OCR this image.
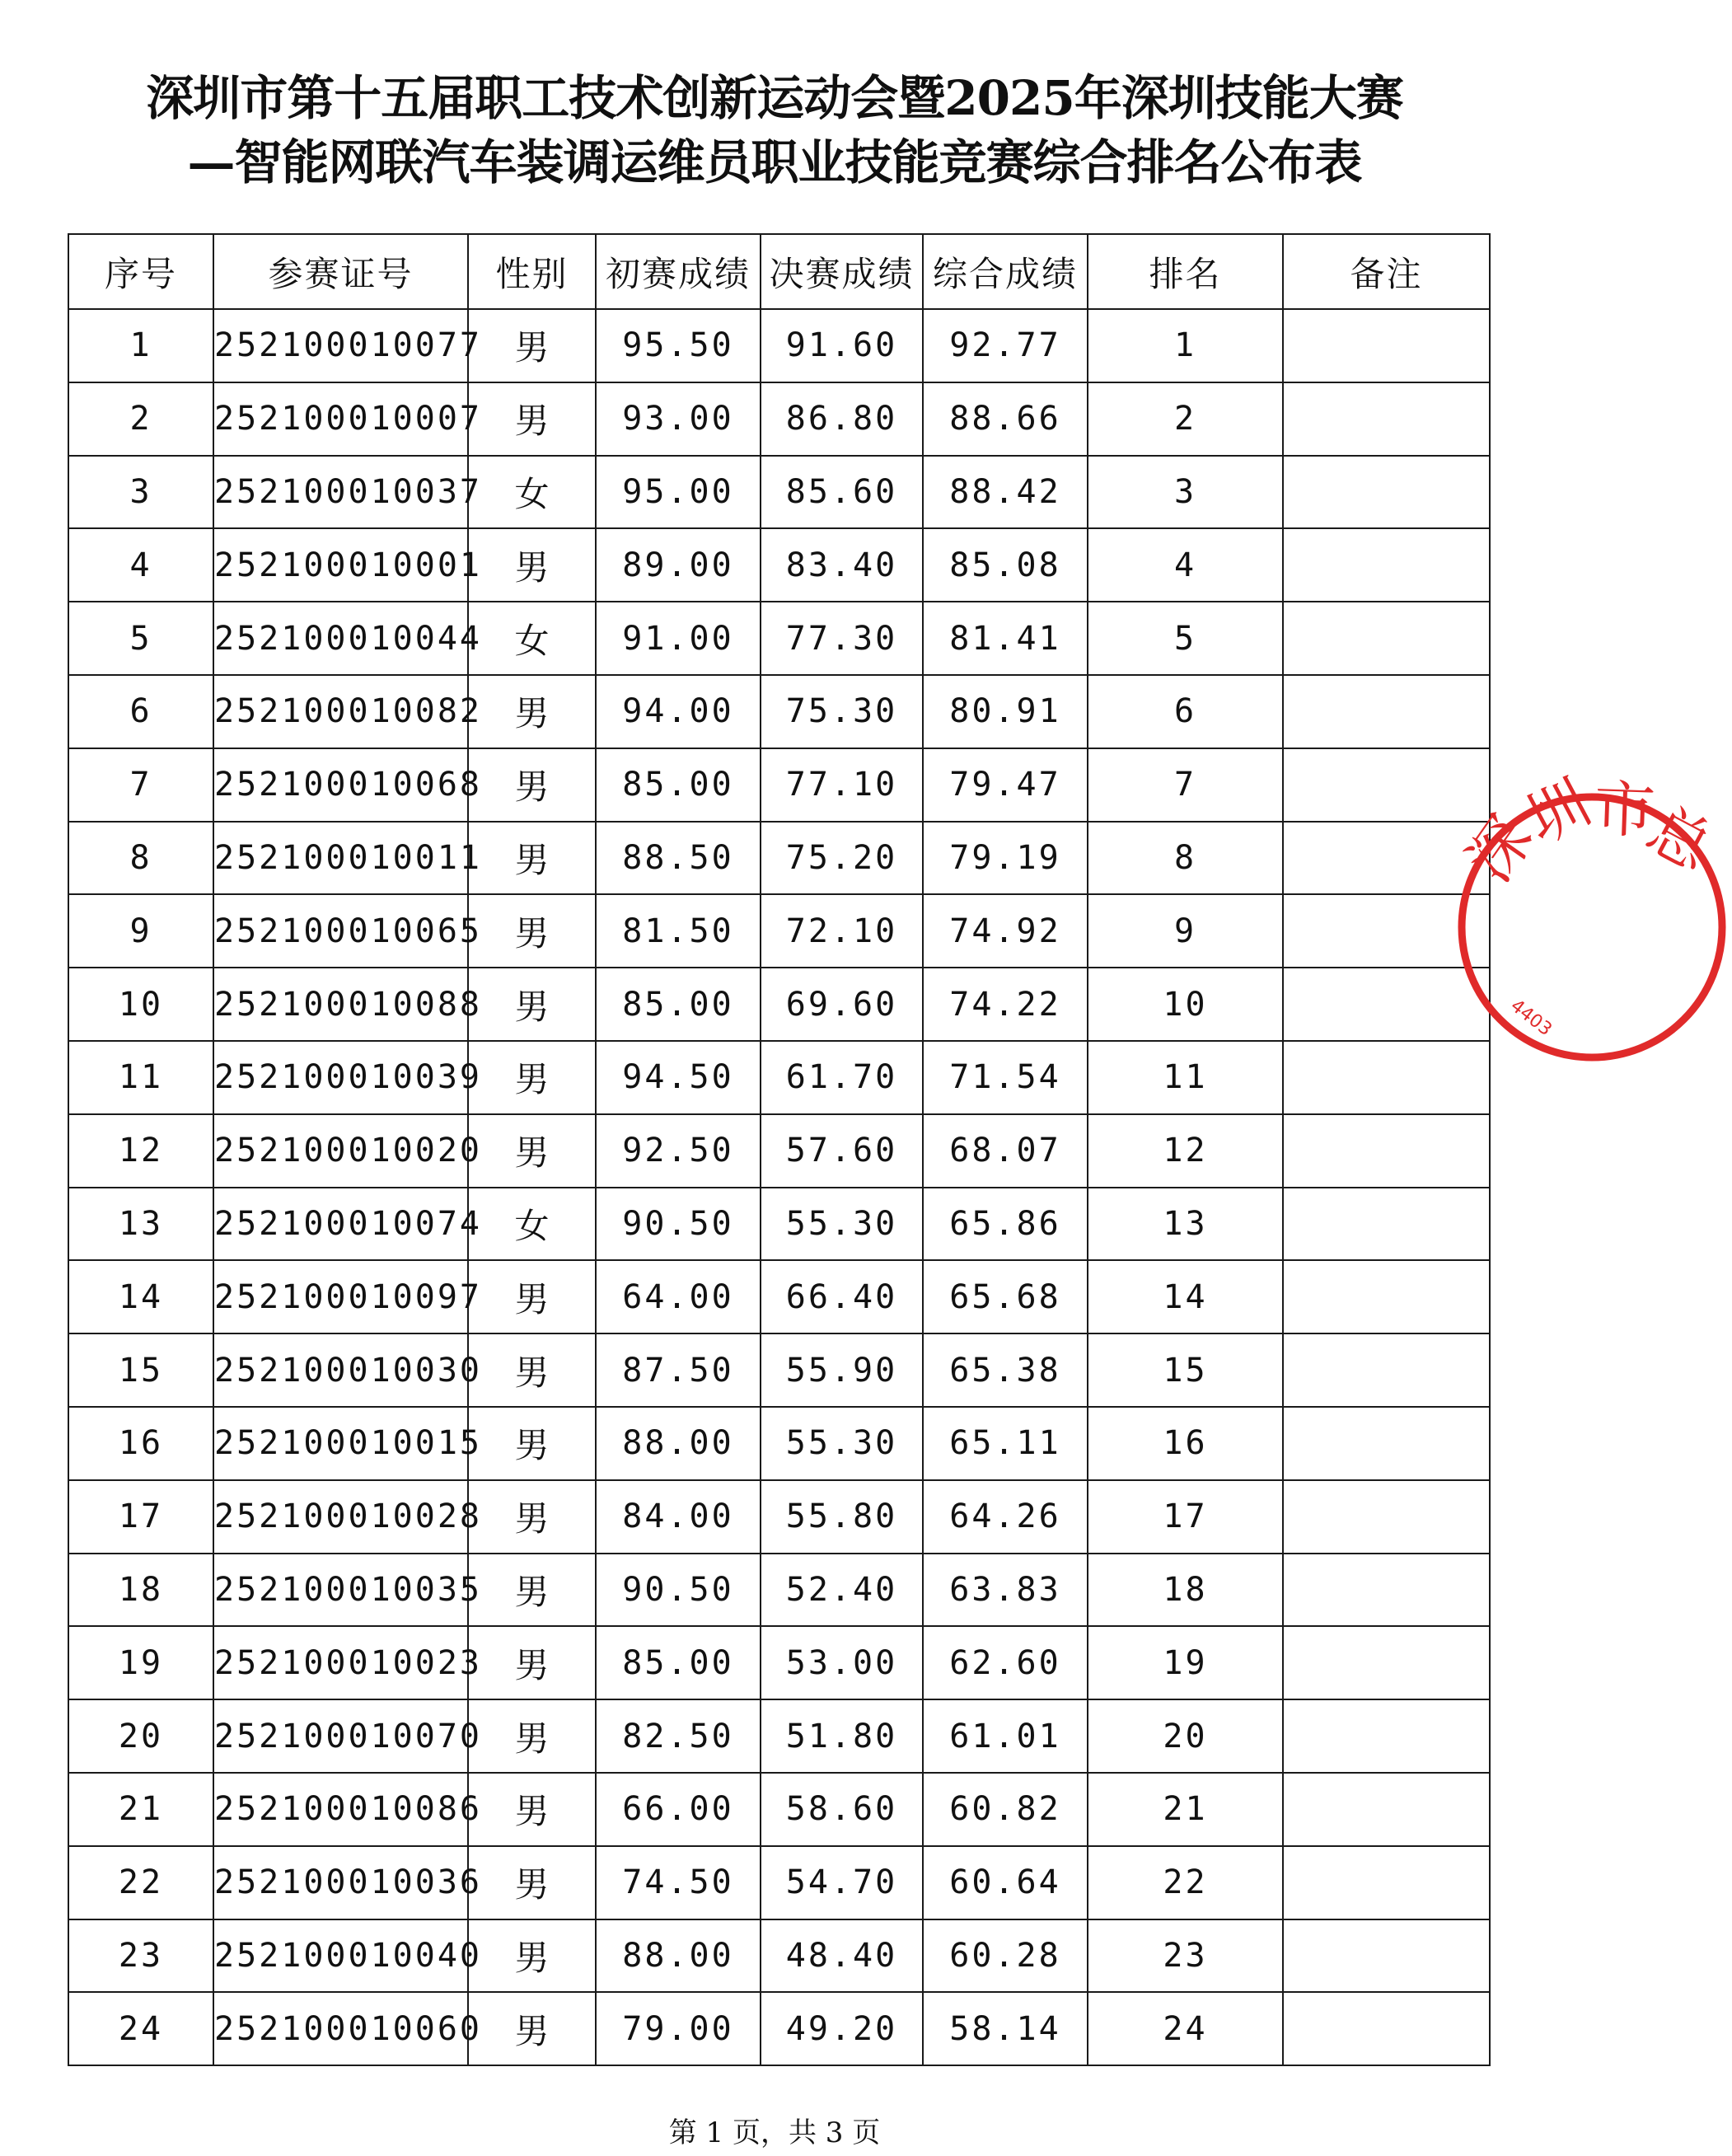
深圳市第十五届职工技术创新运动会暨2025年深圳技能大赛
—智能网联汽车装调运维员职业技能竞赛综合排名公布表
序号	参赛证号	性别	初赛成绩	决赛成绩	综合成绩	排名	备注
1	252100010077	男	95.50	91.60	92.77	1	
2	252100010007	男	93.00	86.80	88.66	2	
3	252100010037	女	95.00	85.60	88.42	3	
4	252100010001	男	89.00	83.40	85.08	4	
5	252100010044	女	91.00	77.30	81.41	5	
6	252100010082	男	94.00	75.30	80.91	6	
7	252100010068	男	85.00	77.10	79.47	7	
8	252100010011	男	88.50	75.20	79.19	8	
9	252100010065	男	81.50	72.10	74.92	9	
10	252100010088	男	85.00	69.60	74.22	10	
11	252100010039	男	94.50	61.70	71.54	11	
12	252100010020	男	92.50	57.60	68.07	12	
13	252100010074	女	90.50	55.30	65.86	13	
14	252100010097	男	64.00	66.40	65.68	14	
15	252100010030	男	87.50	55.90	65.38	15	
16	252100010015	男	88.00	55.30	65.11	16	
17	252100010028	男	84.00	55.80	64.26	17	
18	252100010035	男	90.50	52.40	63.83	18	
19	252100010023	男	85.00	53.00	62.60	19	
20	252100010070	男	82.50	51.80	61.01	20	
21	252100010086	男	66.00	58.60	60.82	21	
22	252100010036	男	74.50	54.70	60.64	22	
23	252100010040	男	88.00	48.40	60.28	23	
24	252100010060	男	79.00	49.20	58.14	24	
深
圳
市
总
4403
第 1 页，共 3 页
